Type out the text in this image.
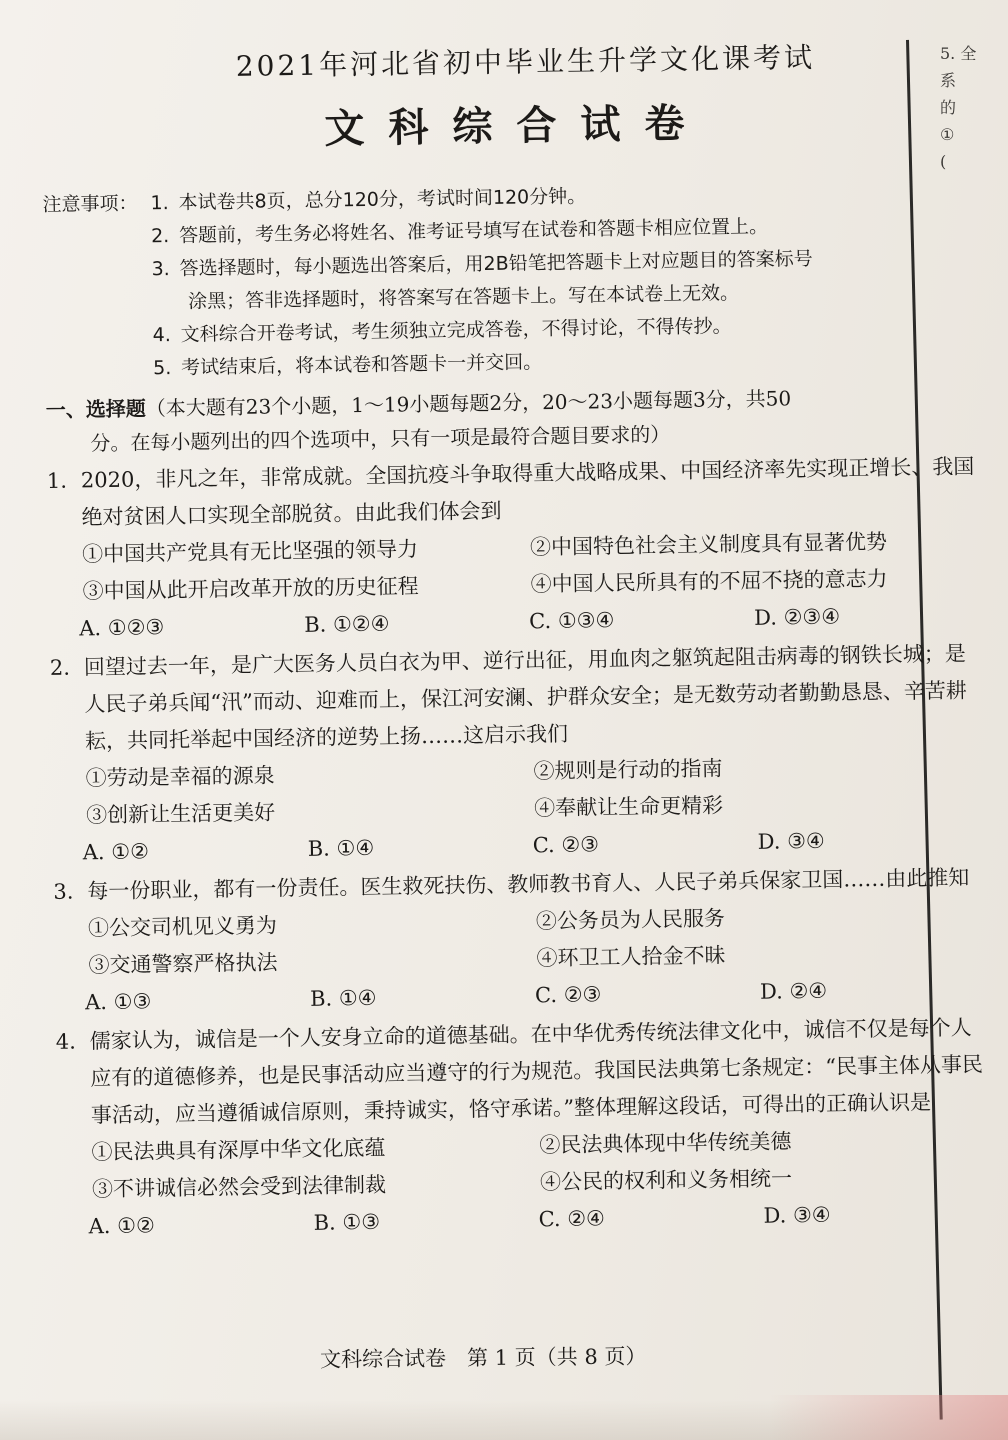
5. 全
系
的
①
(
2021年河北省初中毕业生升学文化课考试
文科综合试卷
注意事项： 1. 本试卷共8页，总分120分，考试时间120分钟。
2. 答题前，考生务必将姓名、准考证号填写在试卷和答题卡相应位置上。
3. 答选择题时，每小题选出答案后，用2B铅笔把答题卡上对应题目的答案标号
涂黑；答非选择题时，将答案写在答题卡上。写在本试卷上无效。
4. 文科综合开卷考试，考生须独立完成答卷，不得讨论，不得传抄。
5. 考试结束后，将本试卷和答题卡一并交回。
一、选择题（本大题有23个小题，1～19小题每题2分，20～23小题每题3分，共50
分。在每小题列出的四个选项中，只有一项是最符合题目要求的）
1. 2020，非凡之年，非常成就。全国抗疫斗争取得重大战略成果、中国经济率先实现正增长、我国绝对贫困人口实现全部脱贫。由此我们体会到
①中国共产党具有无比坚强的领导力	②中国特色社会主义制度具有显著优势
③中国从此开启改革开放的历史征程	④中国人民所具有的不屈不挠的意志力
A. ①②③	B. ①②④	C. ①③④	D. ②③④
2. 回望过去一年，是广大医务人员白衣为甲、逆行出征，用血肉之躯筑起阻击病毒的钢铁长城；是人民子弟兵闻“汛”而动、迎难而上，保江河安澜、护群众安全；是无数劳动者勤勤恳恳、辛苦耕耘，共同托举起中国经济的逆势上扬……这启示我们
①劳动是幸福的源泉	②规则是行动的指南
③创新让生活更美好	④奉献让生命更精彩
A. ①②	B. ①④	C. ②③	D. ③④
3. 每一份职业，都有一份责任。医生救死扶伤、教师教书育人、人民子弟兵保家卫国……由此推知
①公交司机见义勇为	②公务员为人民服务
③交通警察严格执法	④环卫工人拾金不昧
A. ①③	B. ①④	C. ②③	D. ②④
4. 儒家认为，诚信是一个人安身立命的道德基础。在中华优秀传统法律文化中，诚信不仅是每个人应有的道德修养，也是民事活动应当遵守的行为规范。我国民法典第七条规定：“民事主体从事民事活动，应当遵循诚信原则，秉持诚实，恪守承诺。”整体理解这段话，可得出的正确认识是
①民法典具有深厚中华文化底蕴	②民法典体现中华传统美德
③不讲诚信必然会受到法律制裁	④公民的权利和义务相统一
A. ①②	B. ①③	C. ②④	D. ③④
文科综合试卷　第 1 页（共 8 页）
